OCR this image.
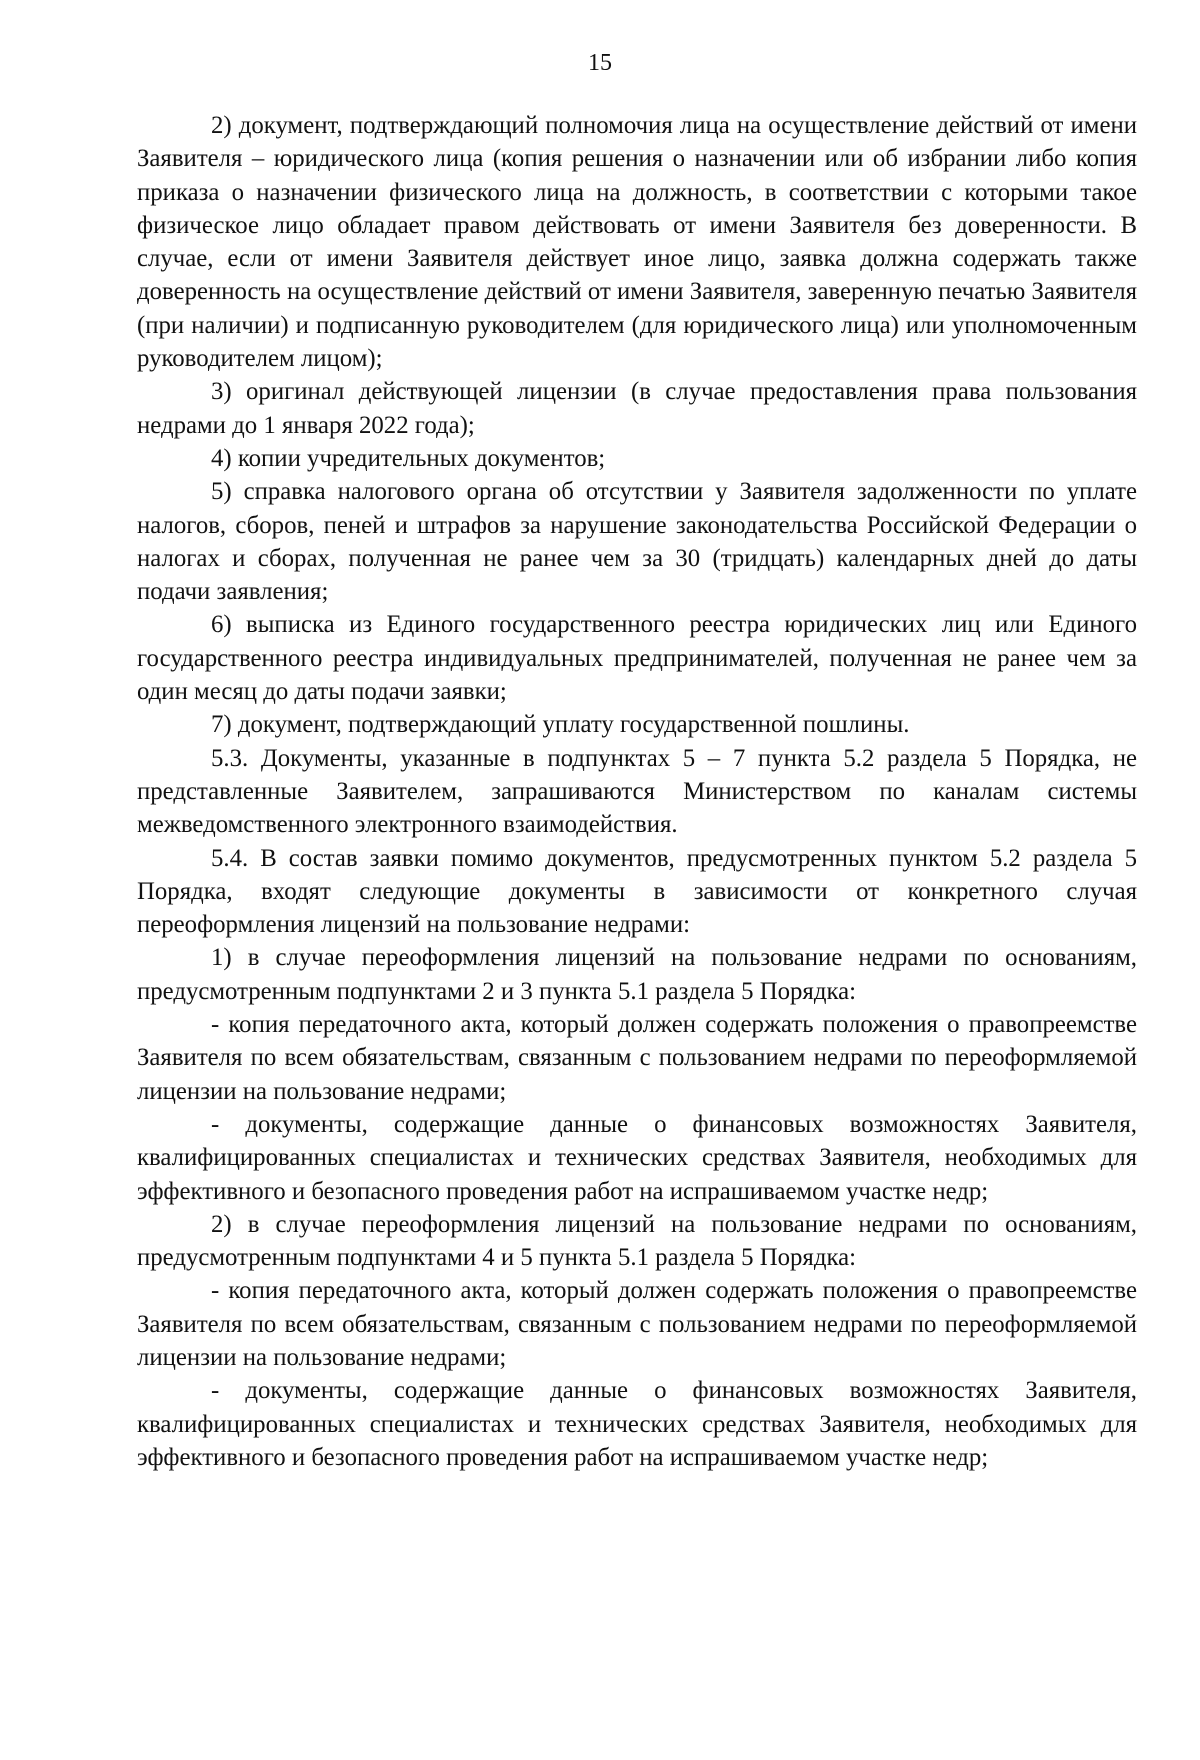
15

2) документ, подтверждающий полномочия лица на осуществление действий от имени Заявителя – юридического лица (копия решения о назначении или об избрании либо копия приказа о назначении физического лица на должность, в соответствии с которыми такое физическое лицо обладает правом действовать от имени Заявителя без доверенности. В случае, если от имени Заявителя действует иное лицо, заявка должна содержать также доверенность на осуществление действий от имени Заявителя, заверенную печатью Заявителя (при наличии) и подписанную руководителем (для юридического лица) или уполномоченным руководителем лицом);

3) оригинал действующей лицензии (в случае предоставления права пользования недрами до 1 января 2022 года);

4) копии учредительных документов;

5) справка налогового органа об отсутствии у Заявителя задолженности по уплате налогов, сборов, пеней и штрафов за нарушение законодательства Российской Федерации о налогах и сборах, полученная не ранее чем за 30 (тридцать) календарных дней до даты подачи заявления;

6) выписка из Единого государственного реестра юридических лиц или Единого государственного реестра индивидуальных предпринимателей, полученная не ранее чем за один месяц до даты подачи заявки;

7) документ, подтверждающий уплату государственной пошлины.

5.3. Документы, указанные в подпунктах 5 – 7 пункта 5.2 раздела 5 Порядка, не представленные Заявителем, запрашиваются Министерством по каналам системы межведомственного электронного взаимодействия.

5.4. В состав заявки помимо документов, предусмотренных пунктом 5.2 раздела 5 Порядка, входят следующие документы в зависимости от конкретного случая переоформления лицензий на пользование недрами:

1) в случае переоформления лицензий на пользование недрами по основаниям, предусмотренным подпунктами 2 и 3 пункта 5.1 раздела 5 Порядка:

- копия передаточного акта, который должен содержать положения о правопреемстве Заявителя по всем обязательствам, связанным с пользованием недрами по переоформляемой лицензии на пользование недрами;

- документы, содержащие данные о финансовых возможностях Заявителя, квалифицированных специалистах и технических средствах Заявителя, необходимых для эффективного и безопасного проведения работ на испрашиваемом участке недр;

2) в случае переоформления лицензий на пользование недрами по основаниям, предусмотренным подпунктами 4 и 5 пункта 5.1 раздела 5 Порядка:

- копия передаточного акта, который должен содержать положения о правопреемстве Заявителя по всем обязательствам, связанным с пользованием недрами по переоформляемой лицензии на пользование недрами;

- документы, содержащие данные о финансовых возможностях Заявителя, квалифицированных специалистах и технических средствах Заявителя, необходимых для эффективного и безопасного проведения работ на испрашиваемом участке недр;
